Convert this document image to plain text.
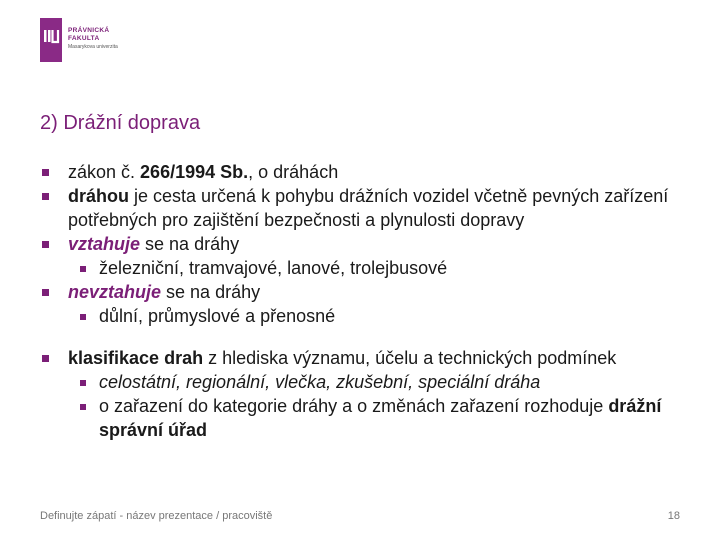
PRÁVNICKÁ
FAKULTA
Masarykova univerzita
2) Drážní doprava
zákon č. 266/1994 Sb., o dráhách
dráhou je cesta určená k pohybu drážních vozidel včetně pevných zařízení potřebných pro zajištění bezpečnosti a plynulosti dopravy
vztahuje se na dráhy
železniční, tramvajové, lanové, trolejbusové
nevztahuje se na dráhy
důlní, průmyslové a přenosné
klasifikace drah z hlediska významu, účelu a technických podmínek
celostátní, regionální, vlečka, zkušební, speciální dráha
o zařazení do kategorie dráhy a o změnách zařazení rozhoduje drážní správní úřad
Definujte zápatí - název prezentace / pracoviště	18
